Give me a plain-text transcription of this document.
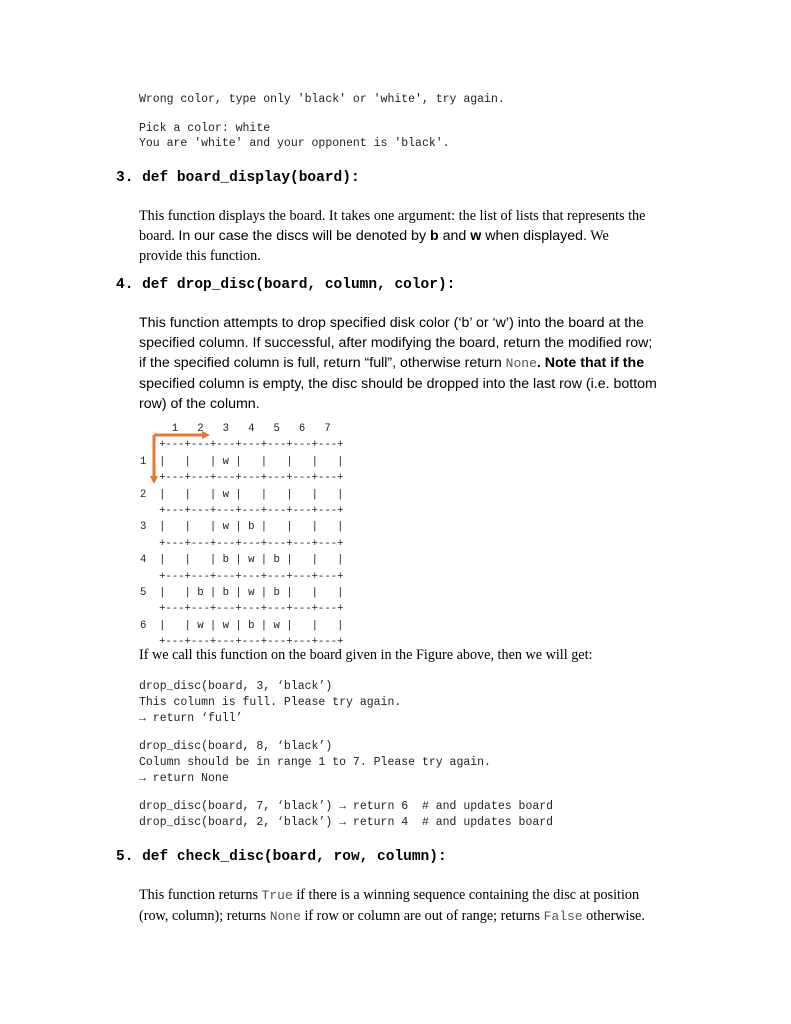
Wrong color, type only 'black' or 'white', try again.
Pick a color: white
You are 'white' and your opponent is 'black'.
3. def board_display(board):
This function displays the board. It takes one argument: the list of lists that represents the
board. In our case the discs will be denoted by b and w when displayed. We
provide this function.
4. def drop_disc(board, column, color):
This function attempts to drop specified disk color (‘b’ or ‘w’) into the board at the
specified column. If successful, after modifying the board, return the modified row;
if the specified column is full, return “full”, otherwise return None. Note that if the
specified column is empty, the disc should be dropped into the last row (i.e. bottom
row) of the column.
1   2   3   4   5   6   7
+---+---+---+---+---+---+---+
1  |   |   | w |   |   |   |   |
+---+---+---+---+---+---+---+
2  |   |   | w |   |   |   |   |
+---+---+---+---+---+---+---+
3  |   |   | w | b |   |   |   |
+---+---+---+---+---+---+---+
4  |   |   | b | w | b |   |   |
+---+---+---+---+---+---+---+
5  |   | b | b | w | b |   |   |
+---+---+---+---+---+---+---+
6  |   | w | w | b | w |   |   |
+---+---+---+---+---+---+---+
If we call this function on the board given in the Figure above, then we will get:
drop_disc(board, 3, ‘black’)
This column is full. Please try again.
→ return ‘full’
drop_disc(board, 8, ‘black’)
Column should be in range 1 to 7. Please try again.
→ return None
drop_disc(board, 7, ‘black’) → return 6  # and updates board
drop_disc(board, 2, ‘black’) → return 4  # and updates board
5. def check_disc(board, row, column):
This function returns True if there is a winning sequence containing the disc at position
(row, column); returns None if row or column are out of range; returns False otherwise.
